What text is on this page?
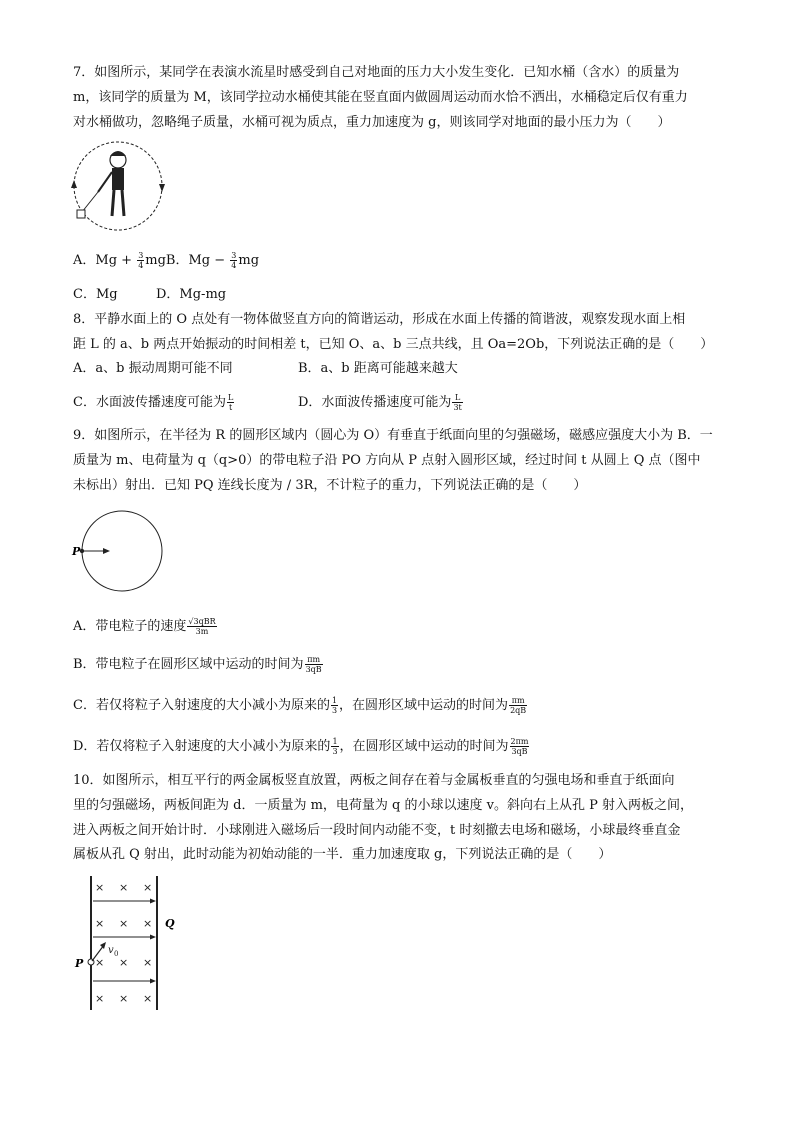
7．如图所示，某同学在表演水流星时感受到自己对地面的压力大小发生变化．已知水桶（含水）的质量为
m，该同学的质量为 M，该同学拉动水桶使其能在竖直面内做圆周运动而水恰不洒出，水桶稳定后仅有重力
对水桶做功，忽略绳子质量，水桶可视为质点，重力加速度为 g，则该同学对地面的最小压力为（　　）
A．$Mg + \frac{3}{4}$ mgB．$Mg - \frac{3}{4}$ mg
C．Mg	D．Mg-mg
8．平静水面上的 O 点处有一物体做竖直方向的简谐运动，形成在水面上传播的简谐波，观察发现水面上相
距 L 的 a、b 两点开始振动的时间相差 t，已知 O、a、b 三点共线，且 Oa=2Ob，下列说法正确的是（　　）
A．a、b 振动周期可能不同	B．a、b 距离可能越来越大
C．水面波传播速度可能为 $\frac{L}{t}$	D．水面波传播速度可能为 $\frac{L}{3t}$
9．如图所示，在半径为 R 的圆形区域内（圆心为 O）有垂直于纸面向里的匀强磁场，磁感应强度大小为 B．一
质量为 m、电荷量为 q（q>0）的带电粒子沿 PO 方向从 P 点射入圆形区域，经过时间 t 从圆上 Q 点（图中
未标出）射出．已知 PQ 连线长度为 / 3R，不计粒子的重力，下列说法正确的是（　　）
P
A．带电粒子的速度 $\frac{\text{√3qBR}}{3m}$
B．带电粒子在圆形区域中运动的时间为 $\frac{\pi m}{3qB}$
C．若仅将粒子入射速度的大小减小为原来的 $\frac{1}{3}$ ，在圆形区域中运动的时间为 $\frac{\pi m}{2qB}$
D．若仅将粒子入射速度的大小减小为原来的 $\frac{1}{3}$ ，在圆形区域中运动的时间为 $\frac{2\pi m}{3qB}$
10．如图所示，相互平行的两金属板竖直放置，两板之间存在着与金属板垂直的匀强电场和垂直于纸面向
里的匀强磁场，两板间距为 d．一质量为 m，电荷量为 q 的小球以速度 v。斜向右上从孔 P 射入两板之间，
进入两板之间开始计时．小球刚进入磁场后一段时间内动能不变，t 时刻撤去电场和磁场，小球最终垂直金
属板从孔 Q 射出，此时动能为初始动能的一半．重力加速度取 g，下列说法正确的是（　　）
× × ×
× × ×
× × ×
× × ×
P
Q
v 0
